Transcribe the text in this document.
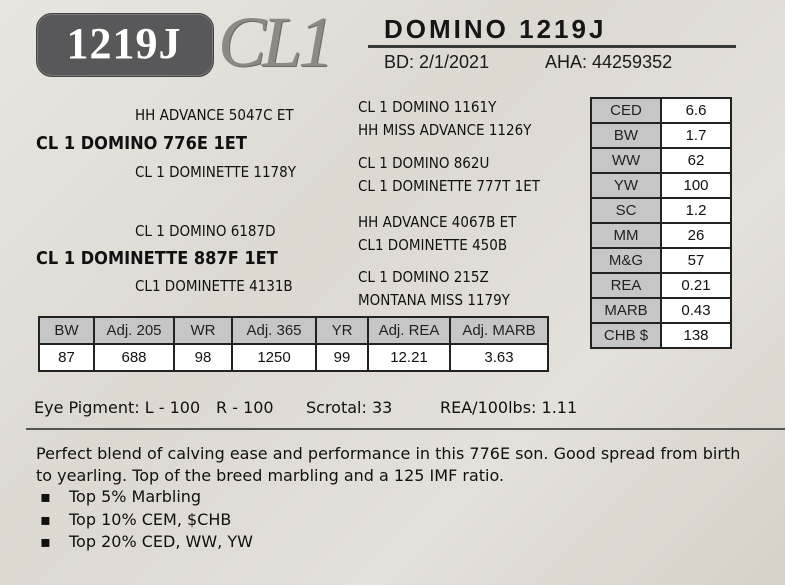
1219J CL1 DOMINO 1219J
BD: 2/1/2021	AHA: 44259352
HH ADVANCE 5047C ET
CL 1 DOMINO 776E 1ET
CL 1 DOMINETTE 1178Y
CL 1 DOMINO 1161Y
HH MISS ADVANCE 1126Y
CL 1 DOMINO 862U
CL 1 DOMINETTE 777T 1ET
CL 1 DOMINO 6187D
CL 1 DOMINETTE 887F 1ET
CL1 DOMINETTE 4131B
HH ADVANCE 4067B ET
CL1 DOMINETTE 450B
CL 1 DOMINO 215Z
MONTANA MISS 1179Y
CED	6.6
BW	1.7
WW	62
YW	100
SC	1.2
MM	26
M&G	57
REA	0.21
MARB	0.43
CHB $	138
BW	Adj. 205	WR	Adj. 365	YR	Adj. REA	Adj. MARB
87	688	98	1250	99	12.21	3.63
Eye Pigment: L - 100 R - 100 Scrotal: 33	REA/100lbs: 1.11
Perfect blend of calving ease and performance in this 776E son. Good spread from birth to yearling. Top of the breed marbling and a 125 IMF ratio.
▪	Top 5% Marbling
▪	Top 10% CEM, $CHB
▪	Top 20% CED, WW, YW
